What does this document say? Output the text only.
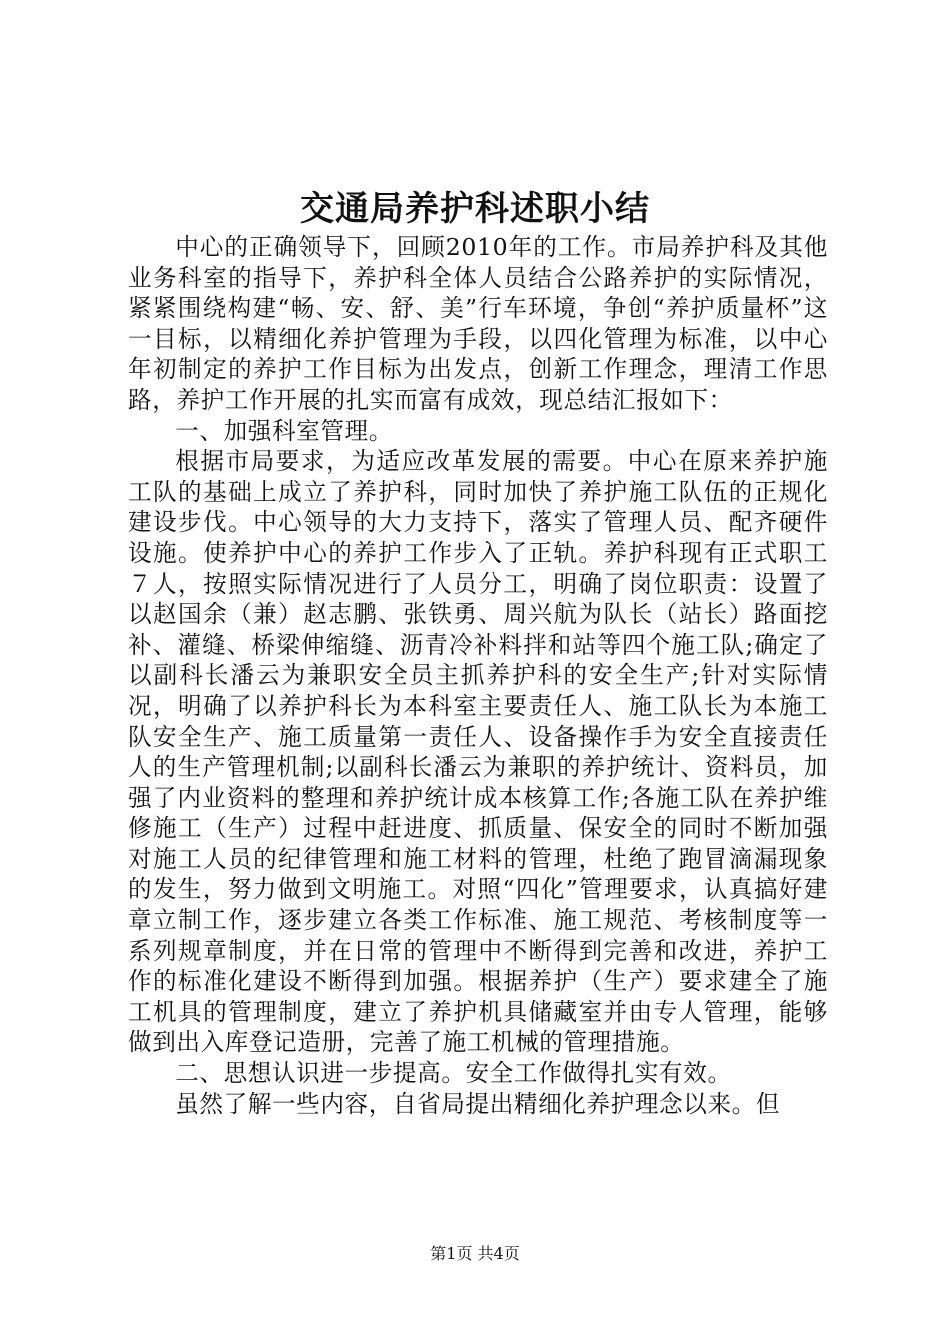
交通局养护科述职小结

中心的正确领导下，回顾2010年的工作。市局养护科及其他业务科室的指导下，养护科全体人员结合公路养护的实际情况，紧紧围绕构建“畅、安、舒、美”行车环境，争创“养护质量杯”这一目标，以精细化养护管理为手段，以四化管理为标准，以中心年初制定的养护工作目标为出发点，创新工作理念，理清工作思路，养护工作开展的扎实而富有成效，现总结汇报如下：

一、加强科室管理。

根据市局要求，为适应改革发展的需要。中心在原来养护施工队的基础上成立了养护科，同时加快了养护施工队伍的正规化建设步伐。中心领导的大力支持下，落实了管理人员、配齐硬件设施。使养护中心的养护工作步入了正轨。养护科现有正式职工７人，按照实际情况进行了人员分工，明确了岗位职责：设置了以赵国余（兼）赵志鹏、张铁勇、周兴航为队长（站长）路面挖补、灌缝、桥梁伸缩缝、沥青冷补料拌和站等四个施工队;确定了以副科长潘云为兼职安全员主抓养护科的安全生产;针对实际情况，明确了以养护科长为本科室主要责任人、施工队长为本施工队安全生产、施工质量第一责任人、设备操作手为安全直接责任人的生产管理机制;以副科长潘云为兼职的养护统计、资料员，加强了内业资料的整理和养护统计成本核算工作;各施工队在养护维修施工（生产）过程中赶进度、抓质量、保安全的同时不断加强对施工人员的纪律管理和施工材料的管理，杜绝了跑冒滴漏现象的发生，努力做到文明施工。对照“四化”管理要求，认真搞好建章立制工作，逐步建立各类工作标准、施工规范、考核制度等一系列规章制度，并在日常的管理中不断得到完善和改进，养护工作的标准化建设不断得到加强。根据养护（生产）要求建全了施工机具的管理制度，建立了养护机具储藏室并由专人管理，能够做到出入库登记造册，完善了施工机械的管理措施。

二、思想认识进一步提高。安全工作做得扎实有效。

虽然了解一些内容，自省局提出精细化养护理念以来。但

第1页 共4页
